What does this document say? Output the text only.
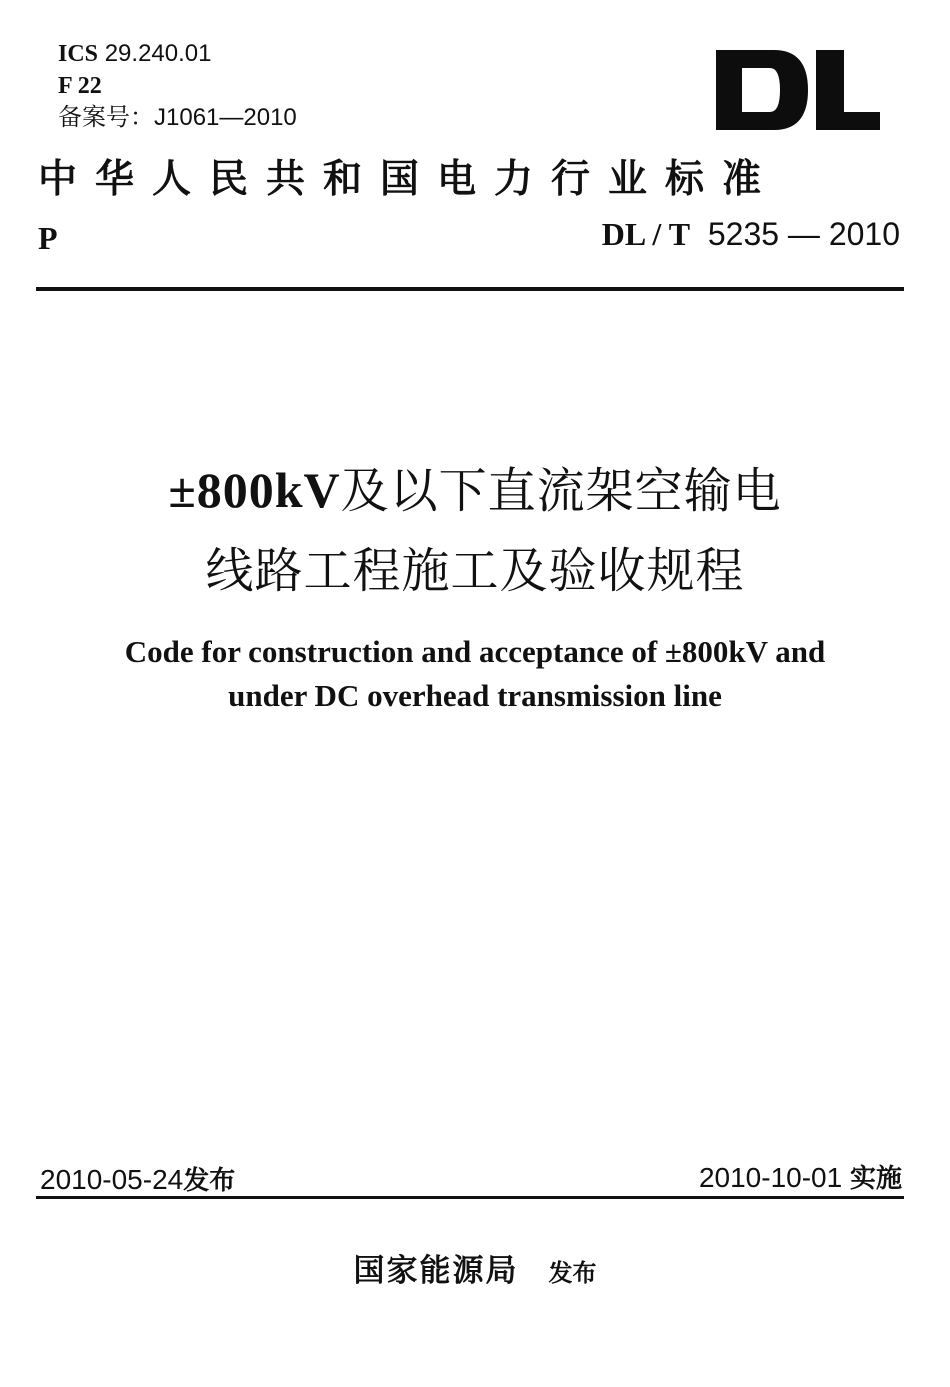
ICS 29.240.01
F 22
备案号：J1061—2010
中华人民共和国电力行业标准
P	DL / T 5235 — 2010
±800kV及以下直流架空输电
线路工程施工及验收规程
Code for construction and acceptance of ±800kV and
under DC overhead transmission line
2010-05-24发布	2010-10-01 实施
国家能源局 发布
